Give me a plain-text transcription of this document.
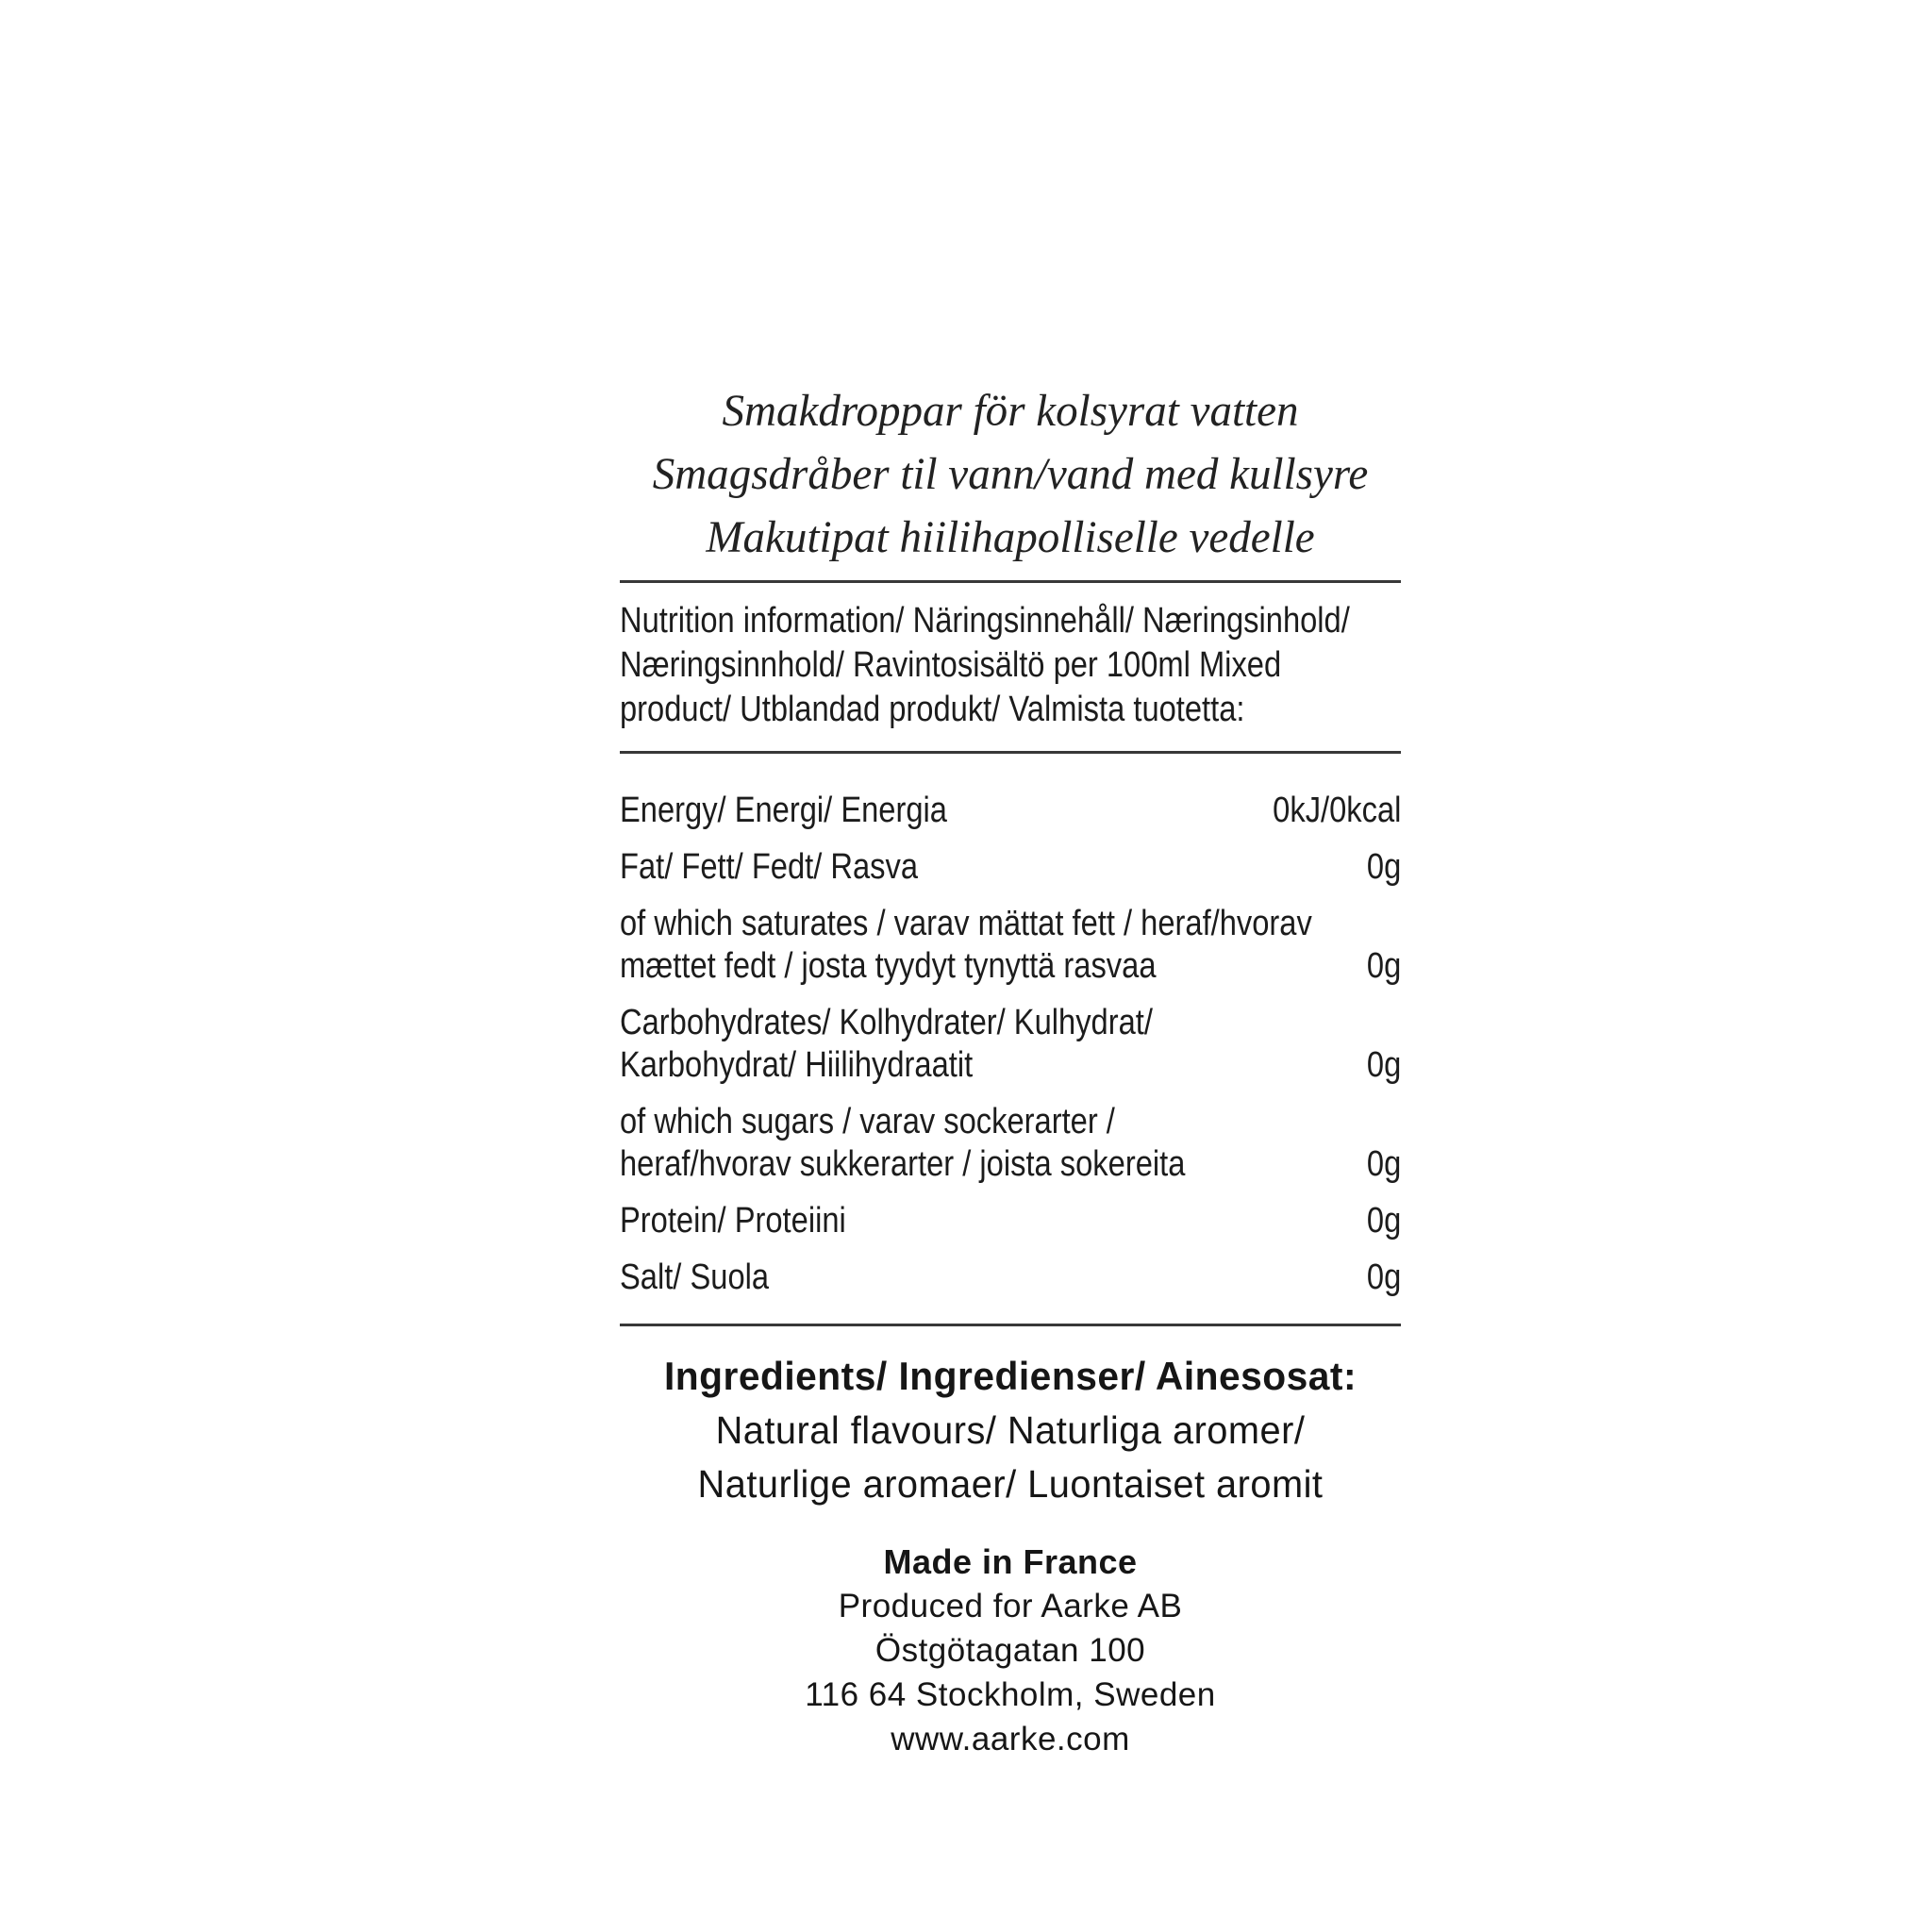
Smakdroppar för kolsyrat vatten
Smagsdråber til vann/vand med kullsyre
Makutipat hiilihapolliselle vedelle
Nutrition information/ Näringsinnehåll/ Næringsinhold/
Næringsinnhold/ Ravintosisältö per 100ml Mixed
product/ Utblandad produkt/ Valmista tuotetta:
Energy/ Energi/ Energia	0kJ/0kcal
Fat/ Fett/ Fedt/ Rasva	0g
of which saturates / varav mättat fett / heraf/hvorav
mættet fedt / josta tyydyt tynyttä rasvaa	0g
Carbohydrates/ Kolhydrater/ Kulhydrat/
Karbohydrat/ Hiilihydraatit	0g
of which sugars / varav sockerarter /
heraf/hvorav sukkerarter / joista sokereita	0g
Protein/ Proteiini	0g
Salt/ Suola	0g
Ingredients/ Ingredienser/ Ainesosat:
Natural flavours/ Naturliga aromer/
Naturlige aromaer/ Luontaiset aromit
Made in France
Produced for Aarke AB
Östgötagatan 100
116 64 Stockholm, Sweden
www.aarke.com
